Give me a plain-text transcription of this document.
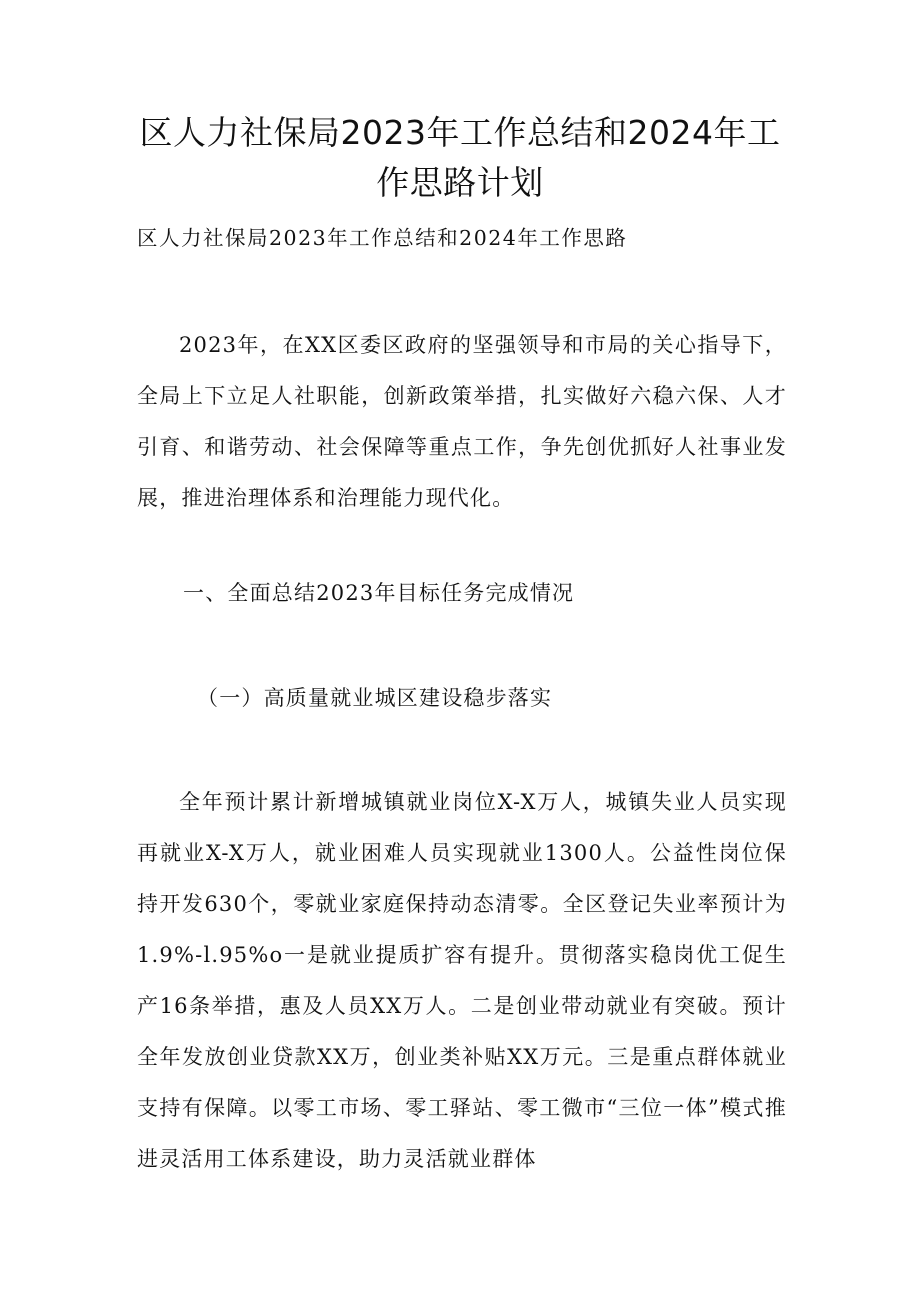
区人力社保局2023年工作总结和2024年工作思路计划

区人力社保局2023年工作总结和2024年工作思路

2023年，在XX区委区政府的坚强领导和市局的关心指导下，全局上下立足人社职能，创新政策举措，扎实做好六稳六保、人才引育、和谐劳动、社会保障等重点工作，争先创优抓好人社事业发展，推进治理体系和治理能力现代化。

一、全面总结2023年目标任务完成情况

（一）高质量就业城区建设稳步落实

全年预计累计新增城镇就业岗位X-X万人，城镇失业人员实现再就业X-X万人，就业困难人员实现就业1300人。公益性岗位保持开发630个，零就业家庭保持动态清零。全区登记失业率预计为1.9%-l.95%o一是就业提质扩容有提升。贯彻落实稳岗优工促生产16条举措，惠及人员XX万人。二是创业带动就业有突破。预计全年发放创业贷款XX万，创业类补贴XX万元。三是重点群体就业支持有保障。以零工市场、零工驿站、零工微市“三位一体”模式推进灵活用工体系建设，助力灵活就业群体
